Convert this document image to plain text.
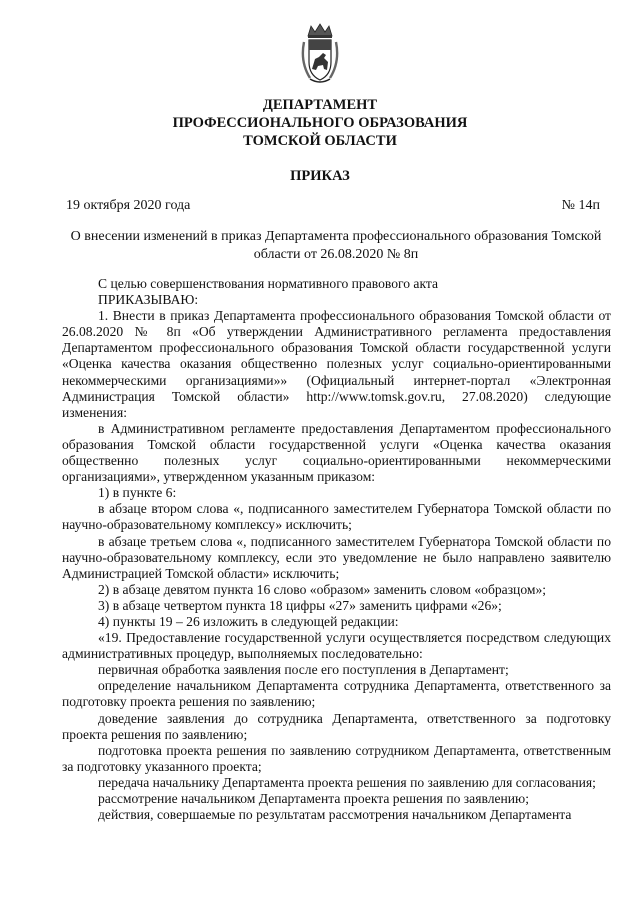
ДЕПАРТАМЕНТ
ПРОФЕССИОНАЛЬНОГО ОБРАЗОВАНИЯ
ТОМСКОЙ ОБЛАСТИ
ПРИКАЗ
19 октября 2020 года	№ 14п
О внесении изменений в приказ Департамента профессионального образования Томской области от 26.08.2020 № 8п

С целью совершенствования нормативного правового акта

ПРИКАЗЫВАЮ:

1. Внести в приказ Департамента профессионального образования Томской области от 26.08.2020 № 8п «Об утверждении Административного регламента предоставления Департаментом профессионального образования Томской области государственной услуги «Оценка качества оказания общественно полезных услуг социально-ориентированными некоммерческими организациями»» (Официальный интернет-портал «Электронная Администрация Томской области» http://www.tomsk.gov.ru, 27.08.2020) следующие изменения:

в Административном регламенте предоставления Департаментом профессионального образования Томской области государственной услуги «Оценка качества оказания общественно полезных услуг социально-ориентированными некоммерческими организациями», утвержденном указанным приказом:

1) в пункте 6:

в абзаце втором слова «, подписанного заместителем Губернатора Томской области по научно-образовательному комплексу» исключить;

в абзаце третьем слова «, подписанного заместителем Губернатора Томской области по научно-образовательному комплексу, если это уведомление не было направлено заявителю Администрацией Томской области» исключить;

2) в абзаце девятом пункта 16 слово «образом» заменить словом «образцом»;

3) в абзаце четвертом пункта 18 цифры «27» заменить цифрами «26»;

4) пункты 19 – 26 изложить в следующей редакции:

«19. Предоставление государственной услуги осуществляется посредством следующих административных процедур, выполняемых последовательно:

первичная обработка заявления после его поступления в Департамент;

определение начальником Департамента сотрудника Департамента, ответственного за подготовку проекта решения по заявлению;

доведение заявления до сотрудника Департамента, ответственного за подготовку проекта решения по заявлению;

подготовка проекта решения по заявлению сотрудником Департамента, ответственным за подготовку указанного проекта;

передача начальнику Департамента проекта решения по заявлению для согласования;

рассмотрение начальником Департамента проекта решения по заявлению;

действия, совершаемые по результатам рассмотрения начальником Департамента
